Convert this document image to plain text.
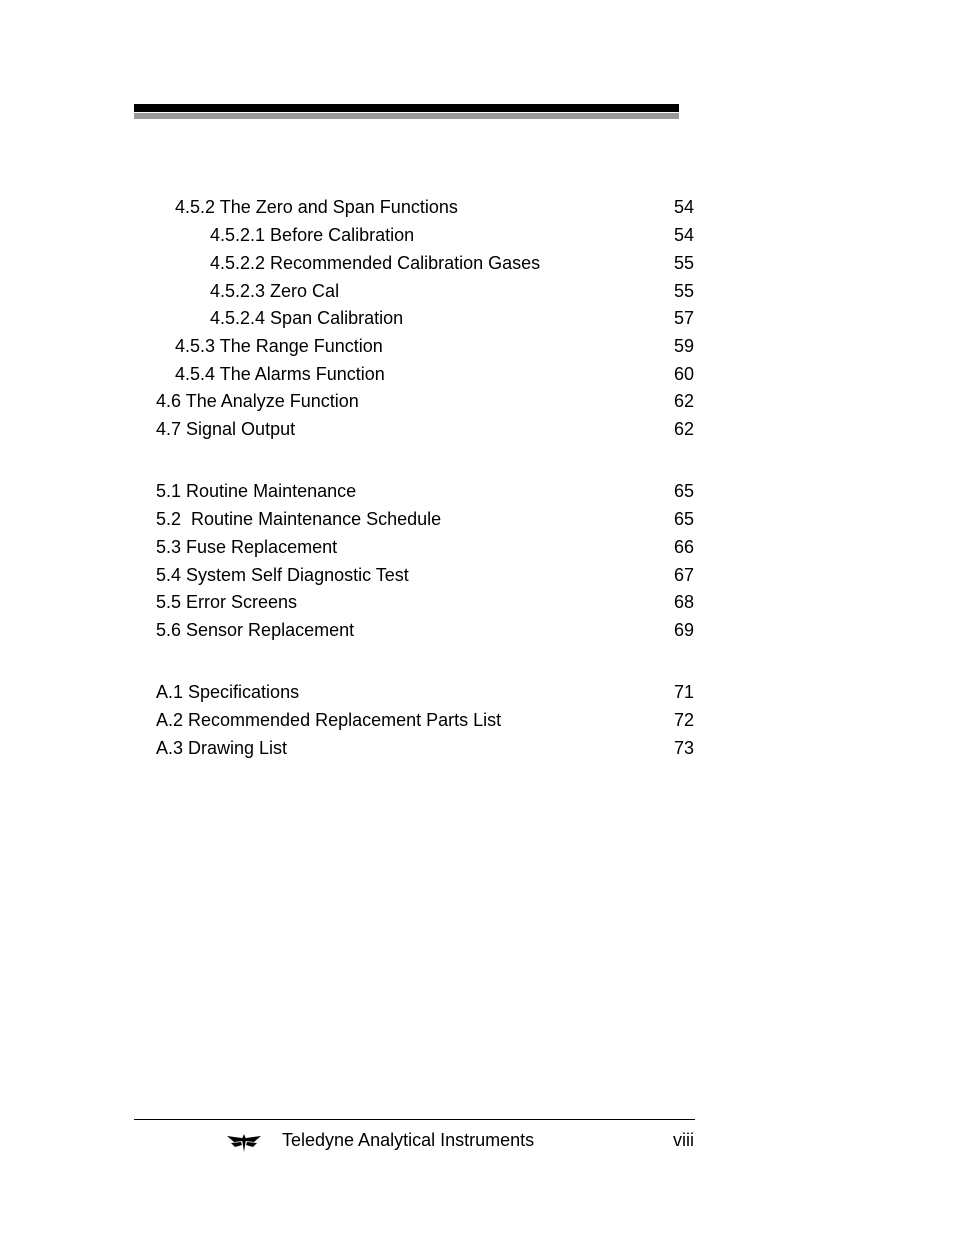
4.5.2 The Zero and Span Functions	54
4.5.2.1 Before Calibration	54
4.5.2.2 Recommended Calibration Gases	55
4.5.2.3 Zero Cal	55
4.5.2.4 Span Calibration	57
4.5.3 The Range Function	59
4.5.4 The Alarms Function	60
4.6 The Analyze Function	62
4.7 Signal Output	62
5.1 Routine Maintenance	65
5.2  Routine Maintenance Schedule	65
5.3 Fuse Replacement	66
5.4 System Self Diagnostic Test	67
5.5 Error Screens	68
5.6 Sensor Replacement	69
A.1 Specifications	71
A.2 Recommended Replacement Parts List	72
A.3 Drawing List	73
Teledyne Analytical Instruments	viii
